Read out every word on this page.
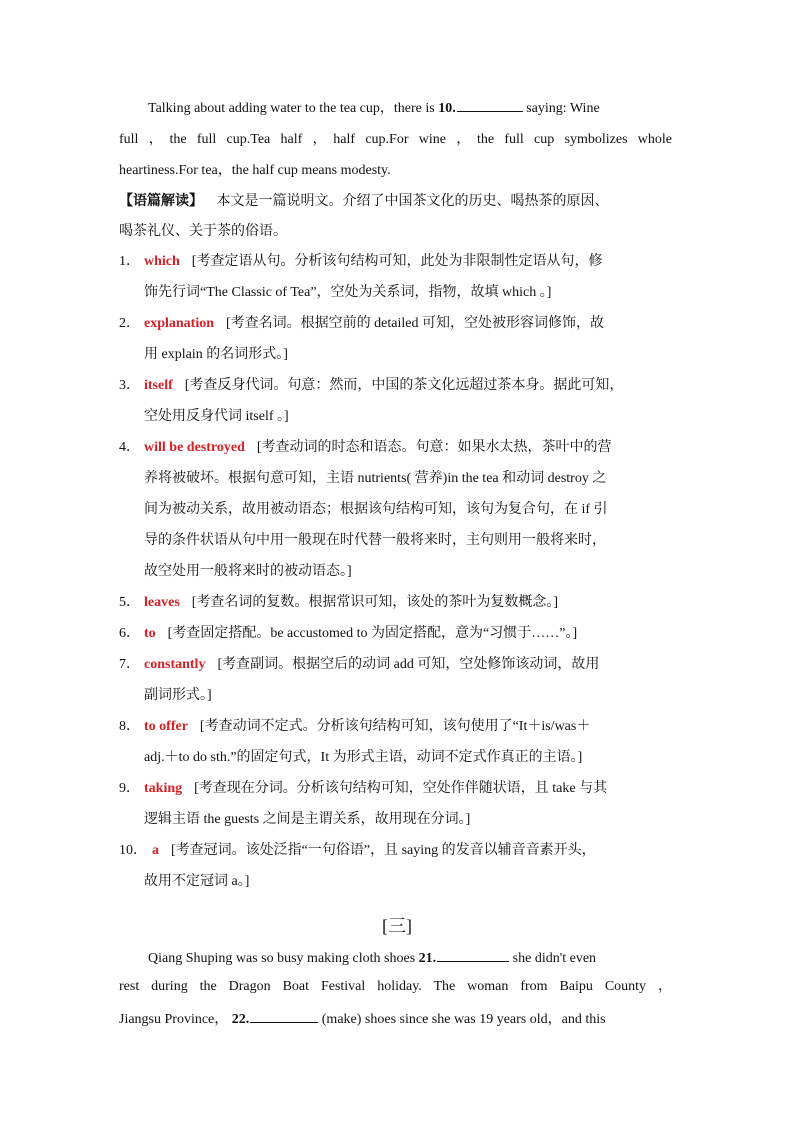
Talking about adding water to the tea cup，there is 10.	saying: Wine

full ，the full cup.Tea half ，half cup.For wine ，the full cup symbolizes whole

heartiness.For tea，the half cup means modesty.

【语篇解读】 本文是一篇说明文。介绍了中国茶文化的历史、喝热茶的原因、

喝茶礼仪、关于茶的俗语。

1． which [考查定语从句。分析该句结构可知，此处为非限制性定语从句，修
饰先行词“The Classic of Tea”，空处为关系词，指物，故填 which 。]
2． explanation [考查名词。根据空前的 detailed 可知，空处被形容词修饰，故
用 explain 的名词形式。]
3． itself [考查反身代词。句意：然而，中国的茶文化远超过茶本身。据此可知，
空处用反身代词 itself 。]
4． will be destroyed [考查动词的时态和语态。句意：如果水太热，茶叶中的营
养将被破坏。根据句意可知，主语 nutrients( 营养)in the tea 和动词 destroy 之
间为被动关系，故用被动语态；根据该句结构可知，该句为复合句，在 if 引
导的条件状语从句中用一般现在时代替一般将来时，主句则用一般将来时，
故空处用一般将来时的被动语态。]
5． leaves [考查名词的复数。根据常识可知，该处的茶叶为复数概念。]
6． to [考查固定搭配。be accustomed to 为固定搭配，意为“习惯于……”。]
7． constantly [考查副词。根据空后的动词 add 可知，空处修饰该动词，故用
副词形式。]
8． to offer [考查动词不定式。分析该句结构可知，该句使用了“It＋is/was＋
adj.＋to do sth.”的固定句式，It 为形式主语，动词不定式作真正的主语。]
9． taking [考查现在分词。分析该句结构可知，空处作伴随状语，且 take 与其
逻辑主语 the guests 之间是主谓关系，故用现在分词。]
10． a [考查冠词。该处泛指“一句俗语”，且 saying 的发音以辅音音素开头，
故用不定冠词 a。]

[三]

Qiang Shuping was so busy making cloth shoes 21.	she didn't even

rest during the Dragon Boat Festival holiday. The woman from Baipu County ，

Jiangsu Province， 22.	(make) shoes since she was 19 years old，and this
